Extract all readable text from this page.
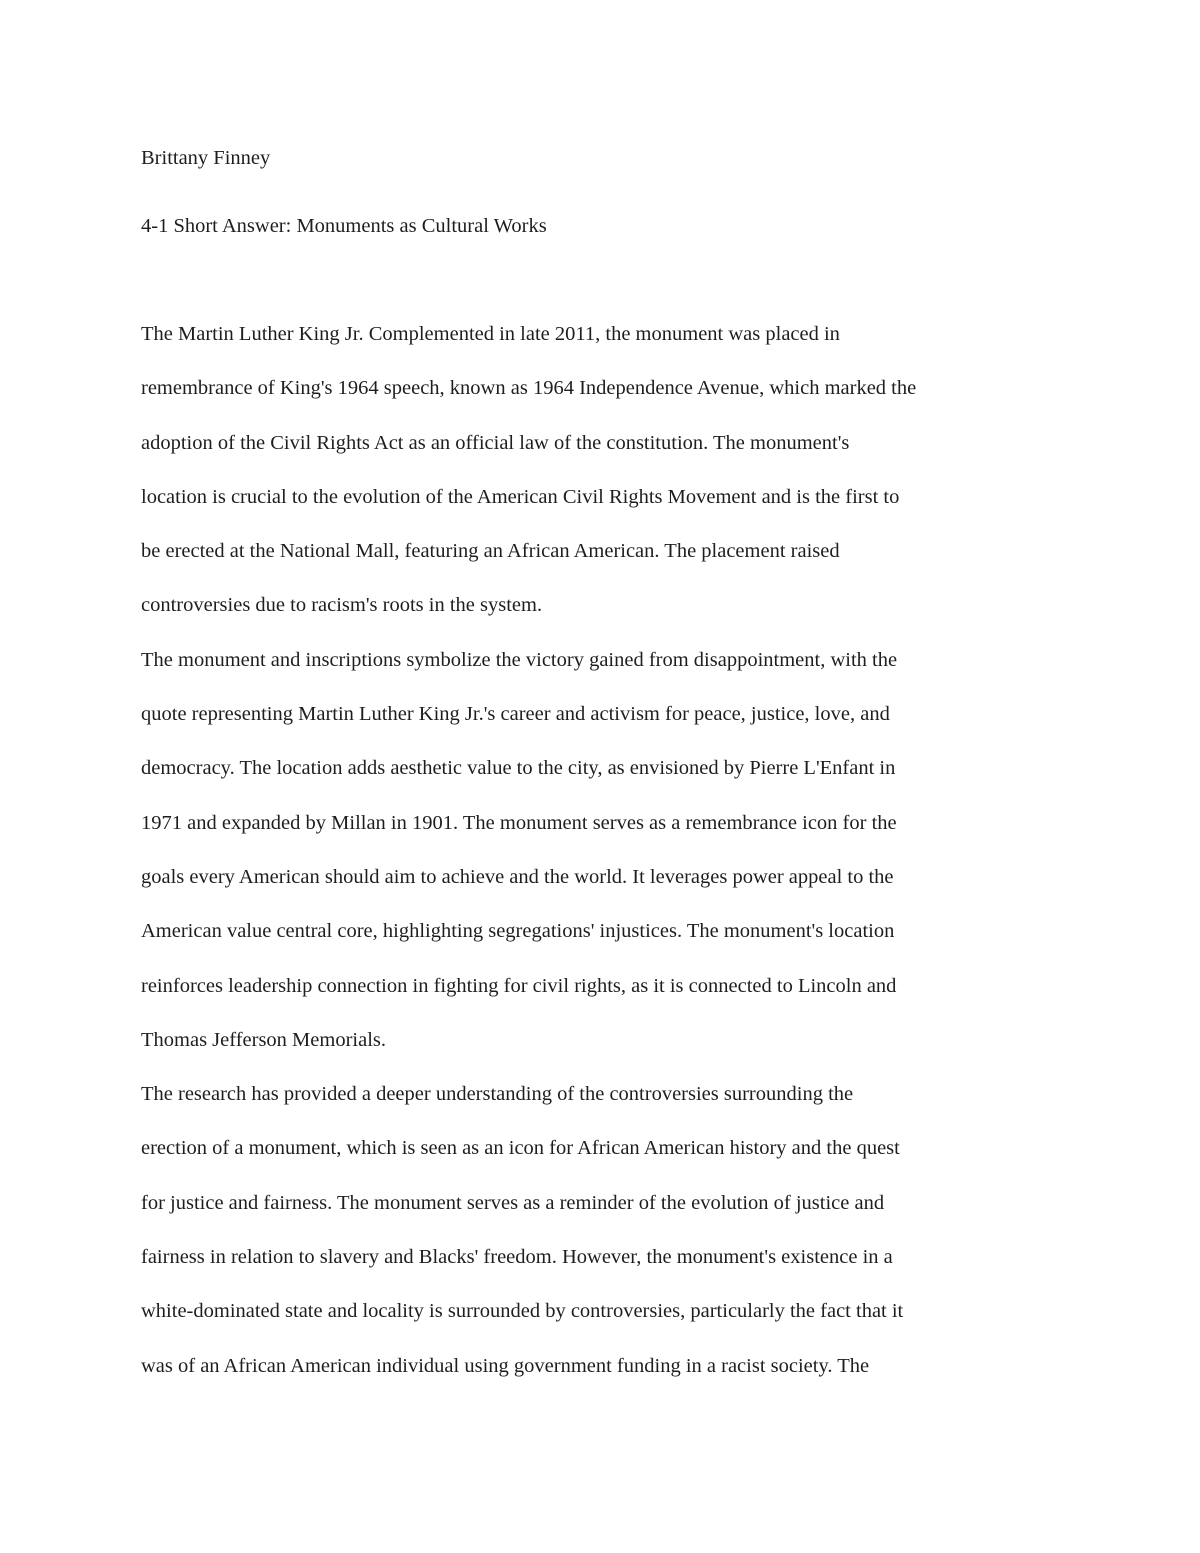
Brittany Finney

4-1 Short Answer: Monuments as Cultural Works
The Martin Luther King Jr. Complemented in late 2011, the monument was placed in
remembrance of King's 1964 speech, known as 1964 Independence Avenue, which marked the
adoption of the Civil Rights Act as an official law of the constitution. The monument's
location is crucial to the evolution of the American Civil Rights Movement and is the first to
be erected at the National Mall, featuring an African American. The placement raised
controversies due to racism's roots in the system.
The monument and inscriptions symbolize the victory gained from disappointment, with the
quote representing Martin Luther King Jr.'s career and activism for peace, justice, love, and
democracy. The location adds aesthetic value to the city, as envisioned by Pierre L'Enfant in
1971 and expanded by Millan in 1901. The monument serves as a remembrance icon for the
goals every American should aim to achieve and the world. It leverages power appeal to the
American value central core, highlighting segregations' injustices. The monument's location
reinforces leadership connection in fighting for civil rights, as it is connected to Lincoln and
Thomas Jefferson Memorials.
The research has provided a deeper understanding of the controversies surrounding the
erection of a monument, which is seen as an icon for African American history and the quest
for justice and fairness. The monument serves as a reminder of the evolution of justice and
fairness in relation to slavery and Blacks' freedom. However, the monument's existence in a
white-dominated state and locality is surrounded by controversies, particularly the fact that it
was of an African American individual using government funding in a racist society. The
